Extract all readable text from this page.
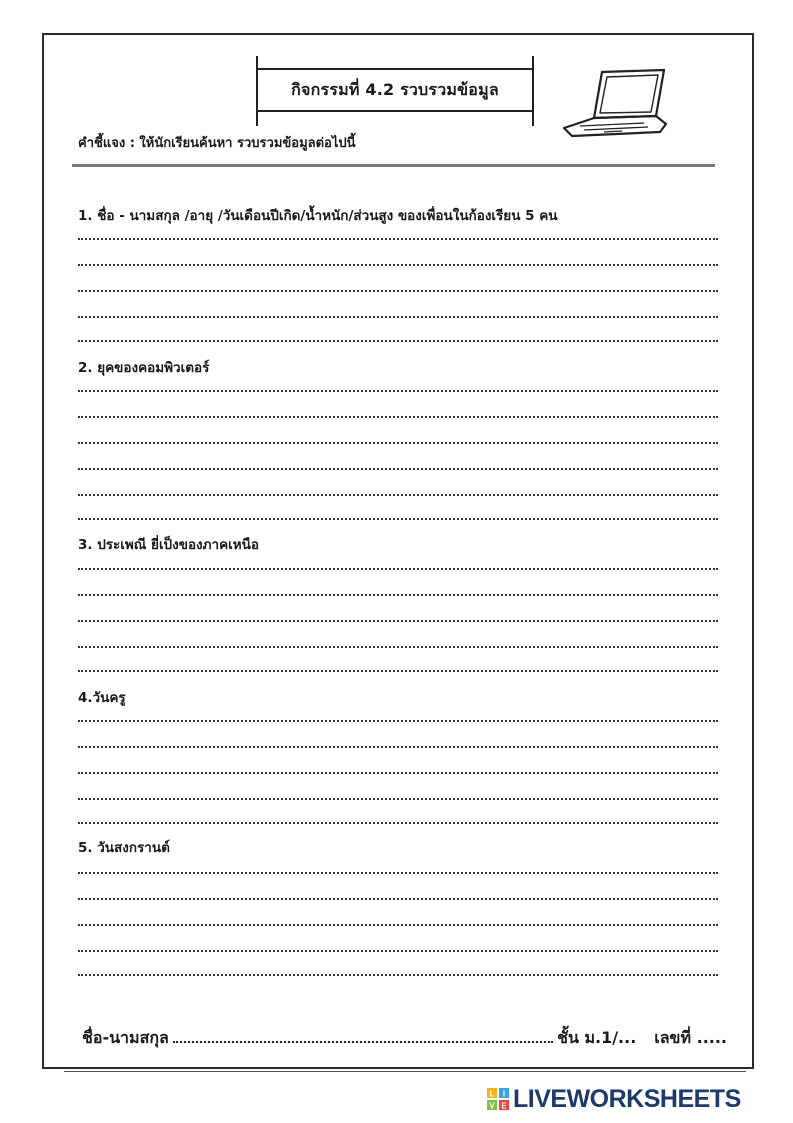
กิจกรรมที่ 4.2 รวบรวมข้อมูล
คำชี้แจง : ให้นักเรียนค้นหา รวบรวมข้อมูลต่อไปนี้
1. ชื่อ - นามสกุล /อายุ /วันเดือนปีเกิด/น้ำหนัก/ส่วนสูง ของเพื่อนในก้องเรียน 5 คน
2. ยุคของคอมพิวเตอร์
3. ประเพณี ยี่เป็งของภาคเหนือ
4.วันครู
5. วันสงกรานต์
ชื่อ-นามสกุล	ชั้น ม.1/... เลขที่ .....
L I
V E LIVEWORKSHEETS
